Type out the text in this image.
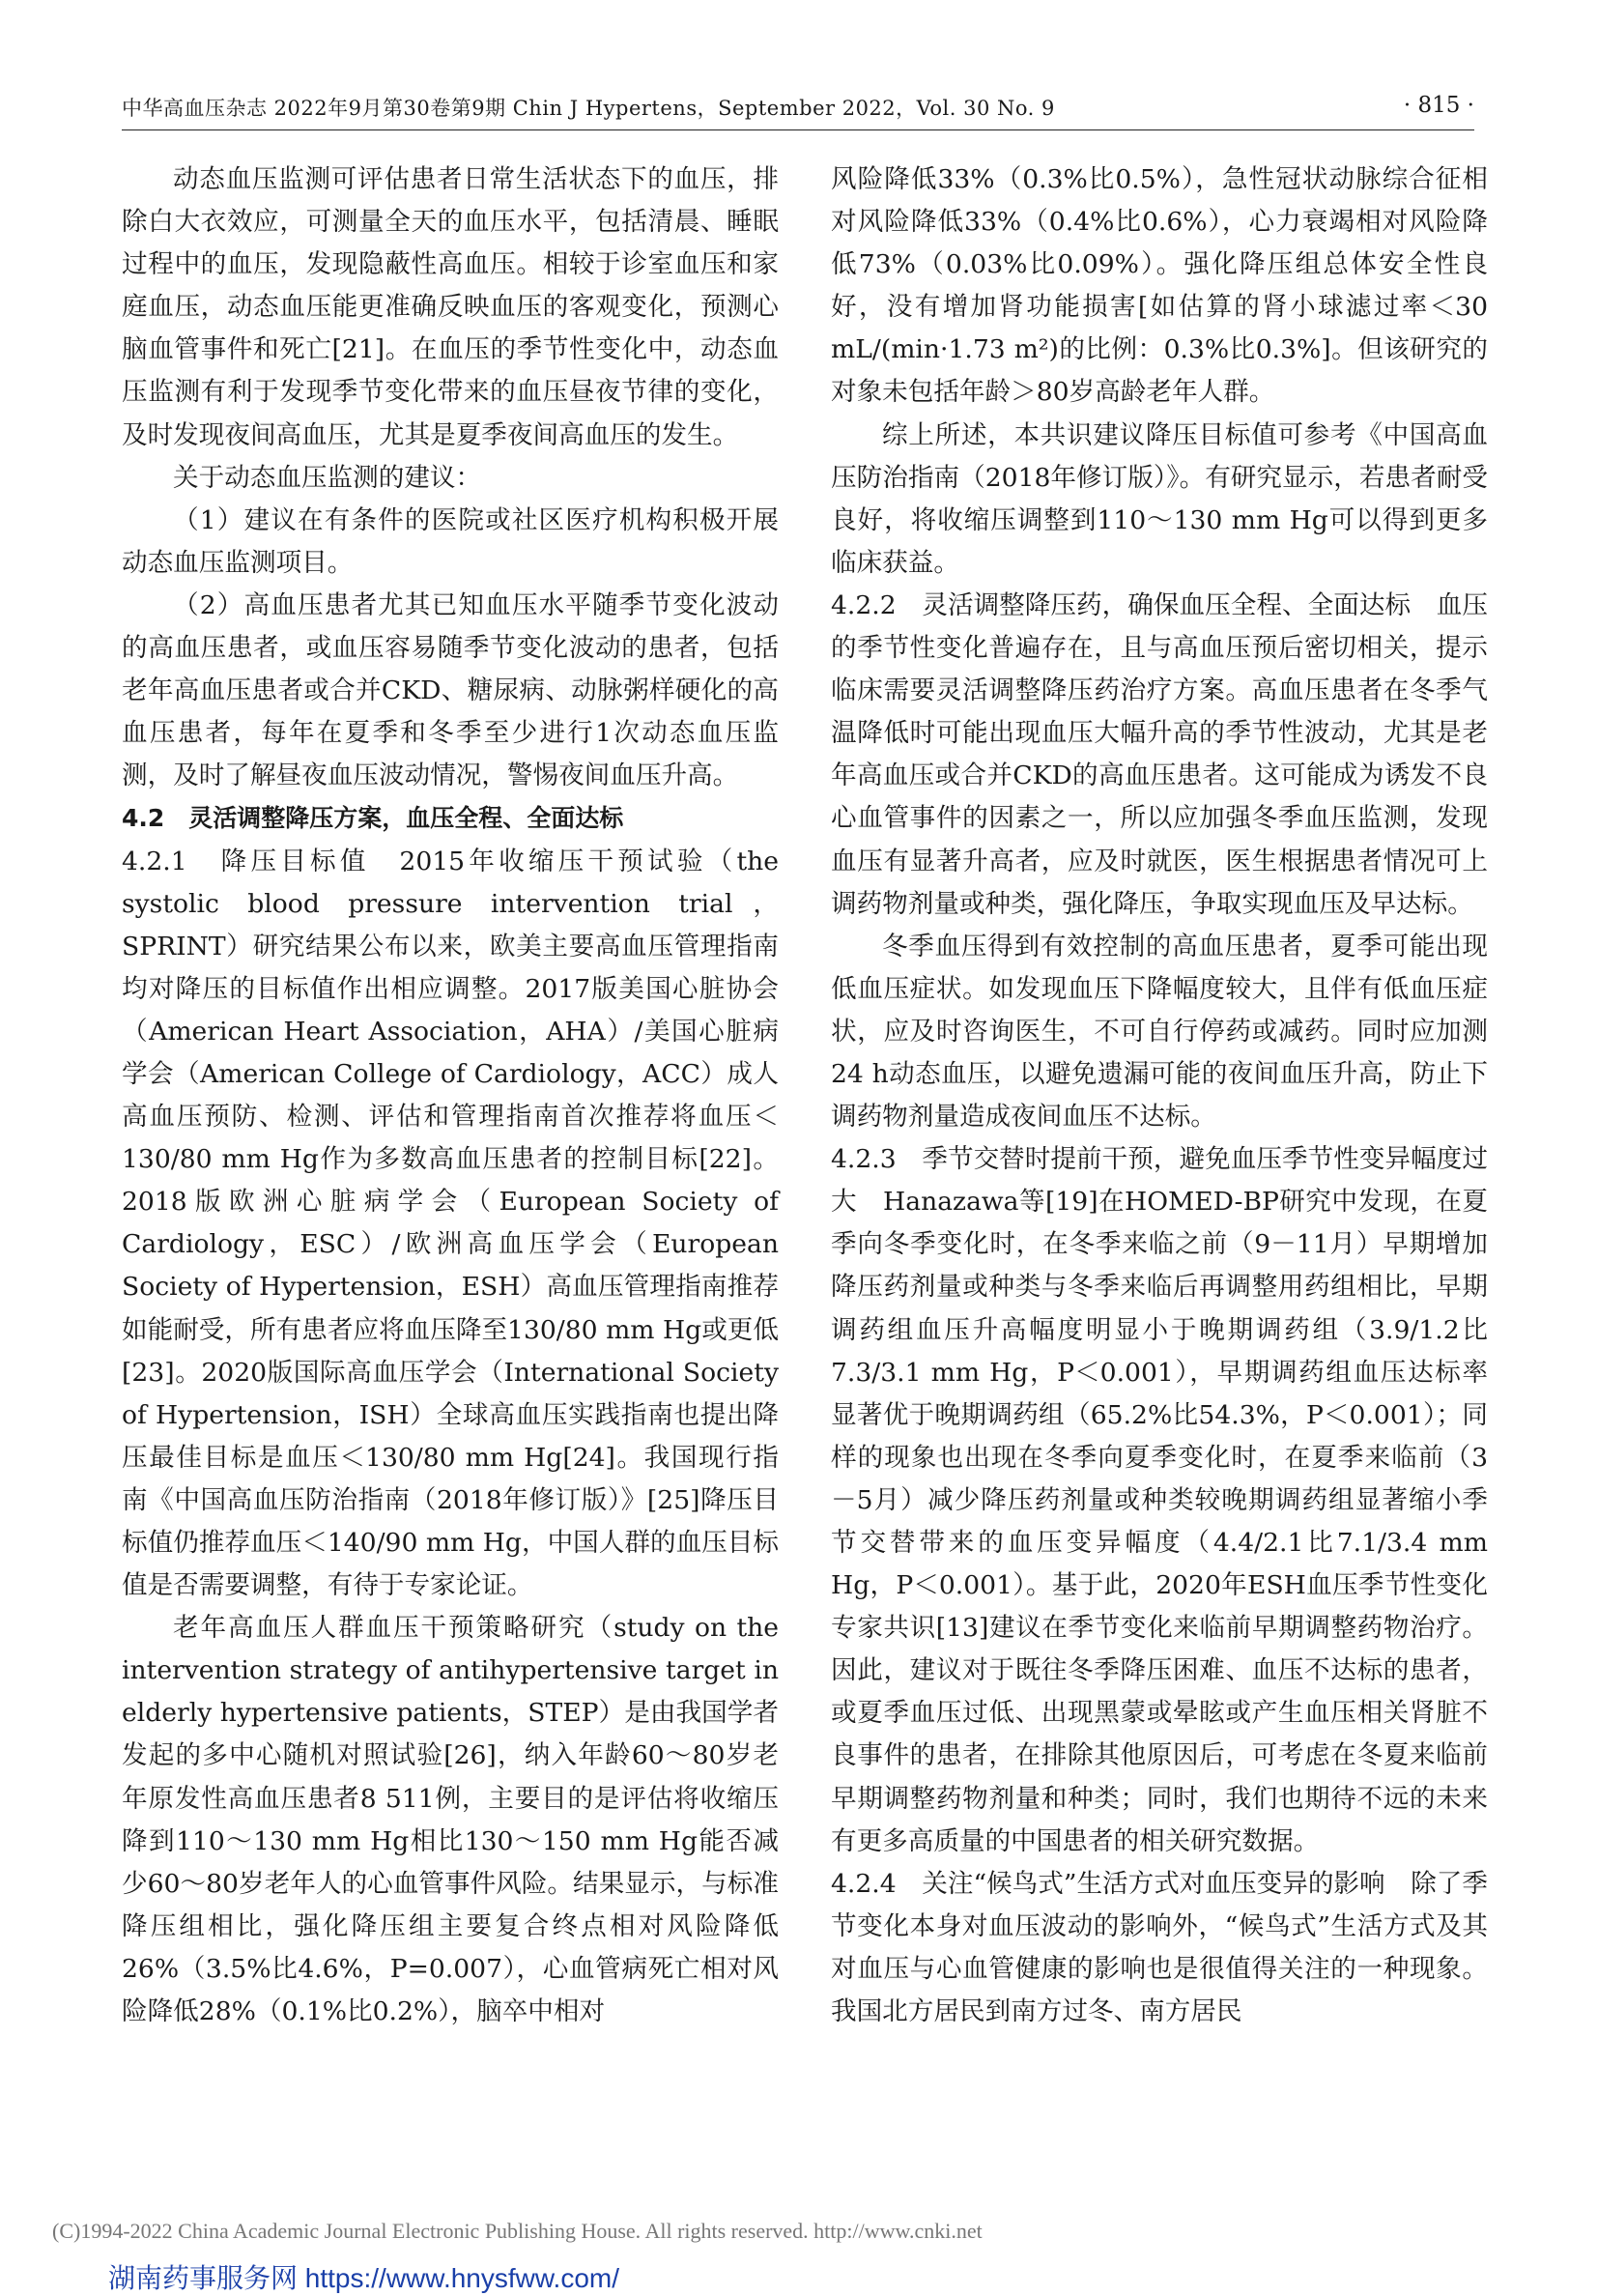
中华高血压杂志 2022年9月第30卷第9期 Chin J Hypertens，September 2022，Vol. 30 No. 9	· 815 ·

动态血压监测可评估患者日常生活状态下的血压，排除白大衣效应，可测量全天的血压水平，包括清晨、睡眠过程中的血压，发现隐蔽性高血压。相较于诊室血压和家庭血压，动态血压能更准确反映血压的客观变化，预测心脑血管事件和死亡[21]。在血压的季节性变化中，动态血压监测有利于发现季节变化带来的血压昼夜节律的变化，及时发现夜间高血压，尤其是夏季夜间高血压的发生。

关于动态血压监测的建议：

（1）建议在有条件的医院或社区医疗机构积极开展动态血压监测项目。

（2）高血压患者尤其已知血压水平随季节变化波动的高血压患者，或血压容易随季节变化波动的患者，包括老年高血压患者或合并CKD、糖尿病、动脉粥样硬化的高血压患者，每年在夏季和冬季至少进行1次动态血压监测，及时了解昼夜血压波动情况，警惕夜间血压升高。

4.2　灵活调整降压方案，血压全程、全面达标

4.2.1　降压目标值　2015年收缩压干预试验（the systolic blood pressure intervention trial，SPRINT）研究结果公布以来，欧美主要高血压管理指南均对降压的目标值作出相应调整。2017版美国心脏协会（American Heart Association，AHA）/美国心脏病学会（American College of Cardiology，ACC）成人高血压预防、检测、评估和管理指南首次推荐将血压＜130/80 mm Hg作为多数高血压患者的控制目标[22]。2018版欧洲心脏病学会（European Society of Cardiology，ESC）/欧洲高血压学会（European Society of Hypertension，ESH）高血压管理指南推荐如能耐受，所有患者应将血压降至130/80 mm Hg或更低[23]。2020版国际高血压学会（International Society of Hypertension，ISH）全球高血压实践指南也提出降压最佳目标是血压＜130/80 mm Hg[24]。我国现行指南《中国高血压防治指南（2018年修订版）》[25]降压目标值仍推荐血压＜140/90 mm Hg，中国人群的血压目标值是否需要调整，有待于专家论证。

老年高血压人群血压干预策略研究（study on the intervention strategy of antihypertensive target in elderly hypertensive patients，STEP）是由我国学者发起的多中心随机对照试验[26]，纳入年龄60～80岁老年原发性高血压患者8 511例，主要目的是评估将收缩压降到110～130 mm Hg相比130～150 mm Hg能否减少60～80岁老年人的心血管事件风险。结果显示，与标准降压组相比，强化降压组主要复合终点相对风险降低26%（3.5%比4.6%，P=0.007），心血管病死亡相对风险降低28%（0.1%比0.2%），脑卒中相对

风险降低33%（0.3%比0.5%），急性冠状动脉综合征相对风险降低33%（0.4%比0.6%），心力衰竭相对风险降低73%（0.03%比0.09%）。强化降压组总体安全性良好，没有增加肾功能损害[如估算的肾小球滤过率＜30 mL/(min·1.73 m²)的比例：0.3%比0.3%]。但该研究的对象未包括年龄＞80岁高龄老年人群。

综上所述，本共识建议降压目标值可参考《中国高血压防治指南（2018年修订版）》。有研究显示，若患者耐受良好，将收缩压调整到110～130 mm Hg可以得到更多临床获益。

4.2.2　灵活调整降压药，确保血压全程、全面达标　血压的季节性变化普遍存在，且与高血压预后密切相关，提示临床需要灵活调整降压药治疗方案。高血压患者在冬季气温降低时可能出现血压大幅升高的季节性波动，尤其是老年高血压或合并CKD的高血压患者。这可能成为诱发不良心血管事件的因素之一，所以应加强冬季血压监测，发现血压有显著升高者，应及时就医，医生根据患者情况可上调药物剂量或种类，强化降压，争取实现血压及早达标。

冬季血压得到有效控制的高血压患者，夏季可能出现低血压症状。如发现血压下降幅度较大，且伴有低血压症状，应及时咨询医生，不可自行停药或减药。同时应加测24 h动态血压，以避免遗漏可能的夜间血压升高，防止下调药物剂量造成夜间血压不达标。

4.2.3　季节交替时提前干预，避免血压季节性变异幅度过大　Hanazawa等[19]在HOMED-BP研究中发现，在夏季向冬季变化时，在冬季来临之前（9－11月）早期增加降压药剂量或种类与冬季来临后再调整用药组相比，早期调药组血压升高幅度明显小于晚期调药组（3.9/1.2比7.3/3.1 mm Hg，P＜0.001），早期调药组血压达标率显著优于晚期调药组（65.2%比54.3%，P＜0.001）；同样的现象也出现在冬季向夏季变化时，在夏季来临前（3－5月）减少降压药剂量或种类较晚期调药组显著缩小季节交替带来的血压变异幅度（4.4/2.1比7.1/3.4 mm Hg，P＜0.001）。基于此，2020年ESH血压季节性变化专家共识[13]建议在季节变化来临前早期调整药物治疗。因此，建议对于既往冬季降压困难、血压不达标的患者，或夏季血压过低、出现黑蒙或晕眩或产生血压相关肾脏不良事件的患者，在排除其他原因后，可考虑在冬夏来临前早期调整药物剂量和种类；同时，我们也期待不远的未来有更多高质量的中国患者的相关研究数据。

4.2.4　关注“候鸟式”生活方式对血压变异的影响　除了季节变化本身对血压波动的影响外，“候鸟式”生活方式及其对血压与心血管健康的影响也是很值得关注的一种现象。我国北方居民到南方过冬、南方居民

(C)1994-2022 China Academic Journal Electronic Publishing House. All rights reserved. http://www.cnki.net
湖南药事服务网 https://www.hnysfww.com/
